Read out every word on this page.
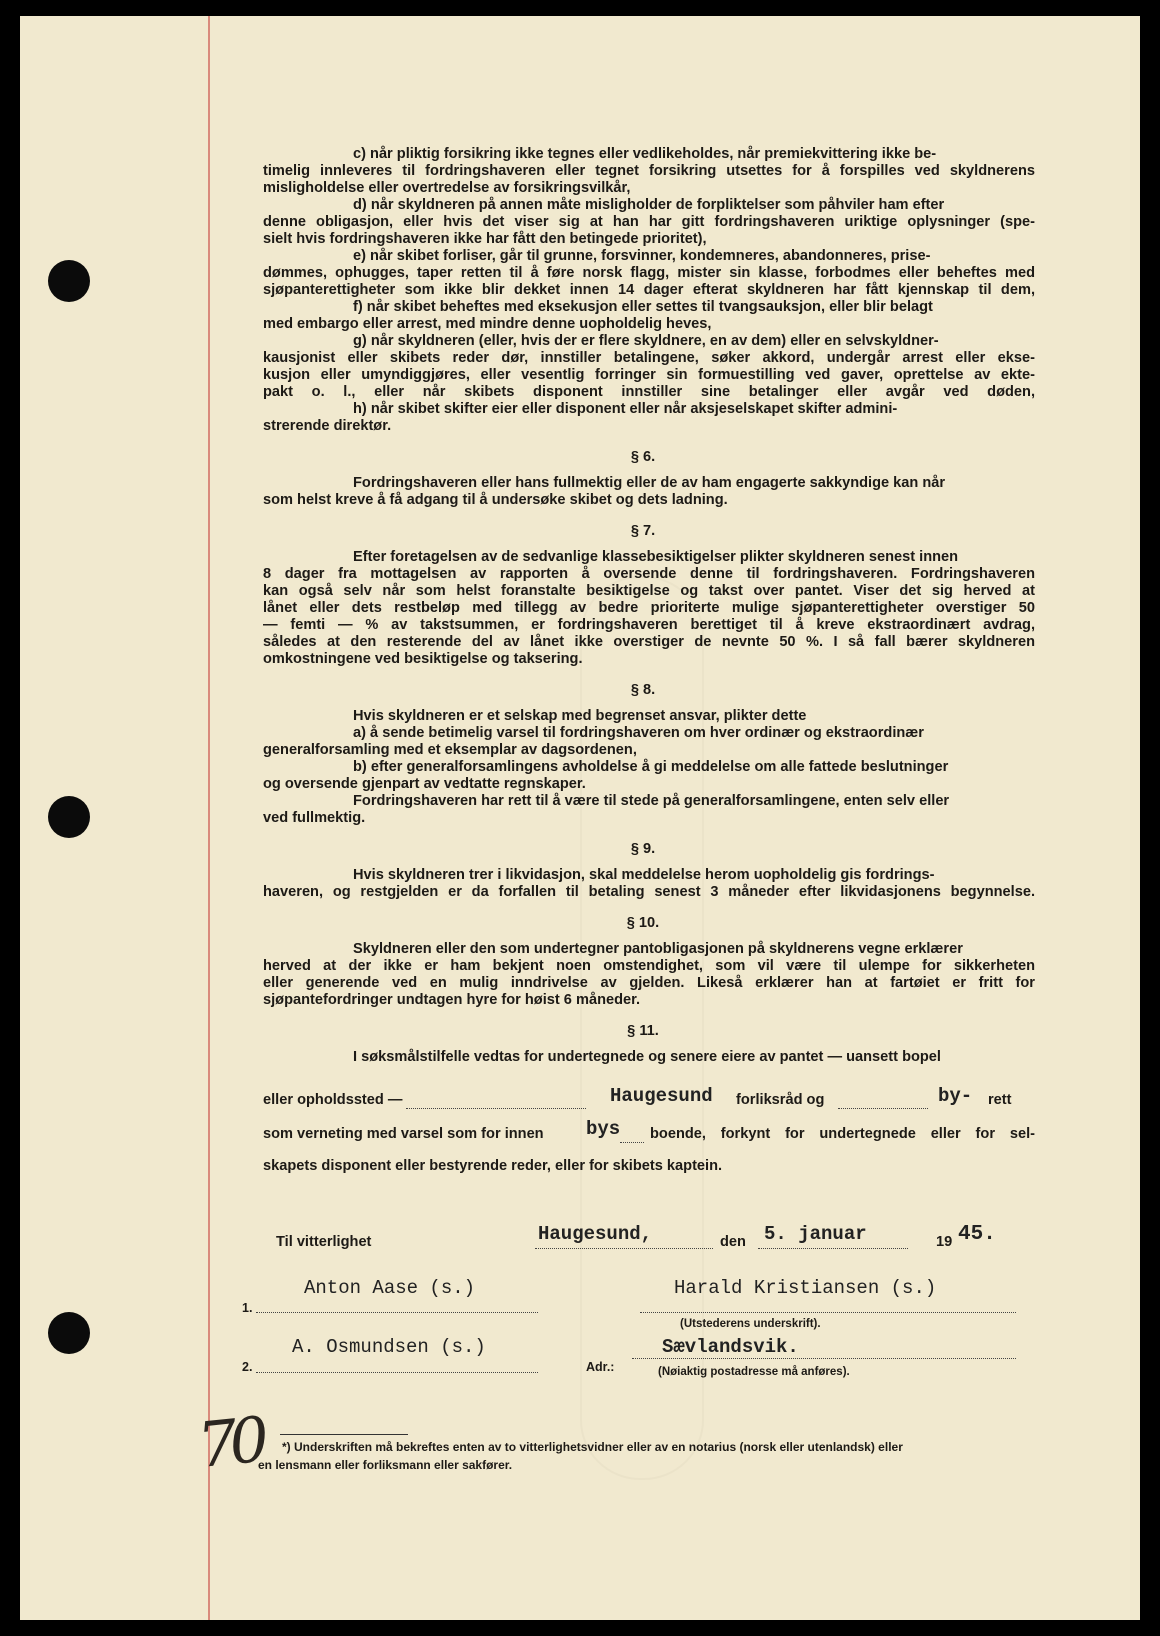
c) når pliktig forsikring ikke tegnes eller vedlikeholdes, når premiekvittering ikke be-
timelig innleveres til fordringshaveren eller tegnet forsikring utsettes for å forspilles ved skyldnerens
misligholdelse eller overtredelse av forsikringsvilkår,
d) når skyldneren på annen måte misligholder de forpliktelser som påhviler ham efter
denne obligasjon, eller hvis det viser sig at han har gitt fordringshaveren uriktige oplysninger (spe-
sielt hvis fordringshaveren ikke har fått den betingede prioritet),
e) når skibet forliser, går til grunne, forsvinner, kondemneres, abandonneres, prise-
dømmes, ophugges, taper retten til å føre norsk flagg, mister sin klasse, forbodmes eller beheftes med
sjøpanterettigheter som ikke blir dekket innen 14 dager efterat skyldneren har fått kjennskap til dem,
f) når skibet beheftes med eksekusjon eller settes til tvangsauksjon, eller blir belagt
med embargo eller arrest, med mindre denne uopholdelig heves,
g) når skyldneren (eller, hvis der er flere skyldnere, en av dem) eller en selvskyldner-
kausjonist eller skibets reder dør, innstiller betalingene, søker akkord, undergår arrest eller ekse-
kusjon eller umyndiggjøres, eller vesentlig forringer sin formuestilling ved gaver, oprettelse av ekte-
pakt o. l., eller når skibets disponent innstiller sine betalinger eller avgår ved døden,
h) når skibet skifter eier eller disponent eller når aksjeselskapet skifter admini-
strerende direktør.
§ 6.
Fordringshaveren eller hans fullmektig eller de av ham engagerte sakkyndige kan når
som helst kreve å få adgang til å undersøke skibet og dets ladning.
§ 7.
Efter foretagelsen av de sedvanlige klassebesiktigelser plikter skyldneren senest innen
8 dager fra mottagelsen av rapporten å oversende denne til fordringshaveren. Fordringshaveren
kan også selv når som helst foranstalte besiktigelse og takst over pantet. Viser det sig herved at
lånet eller dets restbeløp med tillegg av bedre prioriterte mulige sjøpanterettigheter overstiger 50
— femti — % av takstsummen, er fordringshaveren berettiget til å kreve ekstraordinært avdrag,
således at den resterende del av lånet ikke overstiger de nevnte 50 %. I så fall bærer skyldneren
omkostningene ved besiktigelse og taksering.
§ 8.
Hvis skyldneren er et selskap med begrenset ansvar, plikter dette
a) å sende betimelig varsel til fordringshaveren om hver ordinær og ekstraordinær
generalforsamling med et eksemplar av dagsordenen,
b) efter generalforsamlingens avholdelse å gi meddelelse om alle fattede beslutninger
og oversende gjenpart av vedtatte regnskaper.
Fordringshaveren har rett til å være til stede på generalforsamlingene, enten selv eller
ved fullmektig.
§ 9.
Hvis skyldneren trer i likvidasjon, skal meddelelse herom uopholdelig gis fordrings-
haveren, og restgjelden er da forfallen til betaling senest 3 måneder efter likvidasjonens begynnelse.
§ 10.
Skyldneren eller den som undertegner pantobligasjonen på skyldnerens vegne erklærer
herved at der ikke er ham bekjent noen omstendighet, som vil være til ulempe for sikkerheten
eller generende ved en mulig inndrivelse av gjelden. Likeså erklærer han at fartøiet er fritt for
sjøpantefordringer undtagen hyre for høist 6 måneder.
§ 11.
I søksmålstilfelle vedtas for undertegnede og senere eiere av pantet — uansett bopel
eller opholdssted —	Haugesund forliksråd og	by- rett
som verneting med varsel som for innen bys boende, forkynt for undertegnede eller for sel-
skapets disponent eller bestyrende reder, eller for skibets kaptein.
Til vitterlighet	Haugesund,	den 5. januar	19 45.
1.
Anton Aase (s.)	Harald Kristiansen (s.)
(Utstederens underskrift).
2.
A. Osmundsen (s.)
Adr.:
Sævlandsvik.
(Nøiaktig postadresse må anføres).
*) Underskriften må bekreftes enten av to vitterlighetsvidner eller av en notarius (norsk eller utenlandsk) eller
en lensmann eller forliksmann eller sakfører.
70
